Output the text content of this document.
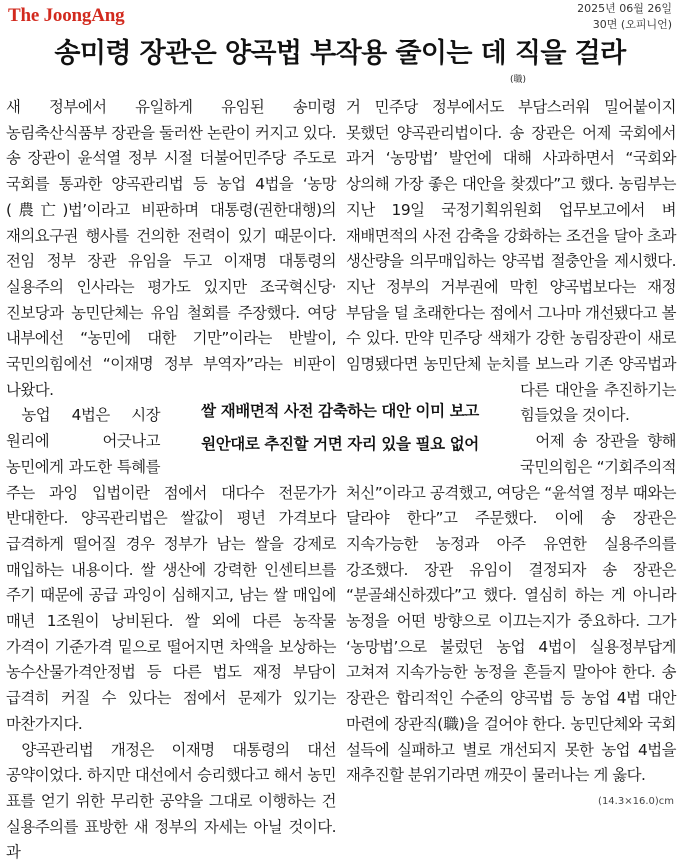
The JoongAng	2025년 06월 26일
30면 (오피니언)
송미령 장관은 양곡법 부작용 줄이는 데 직을 걸라
(職)

새 정부에서 유일하게 유임된 송미령 농림축산식품부 장관을 둘러싼 논란이 커지고 있다. 송 장관이 윤석열 정부 시절 더불어민주당 주도로 국회를 통과한 양곡관리법 등 농업 4법을 ‘농망(農亡)법’이라고 비판하며 대통령(권한대행)의 재의요구권 행사를 건의한 전력이 있기 때문이다. 전임 정부 장관 유임을 두고 이재명 대통령의 실용주의 인사라는 평가도 있지만 조국혁신당·진보당과 농민단체는 유임 철회를 주장했다. 여당 내부에선 “농민에 대한 기만”이라는 반발이, 국민의힘에선 “이재명 정부 부역자”라는 비판이 나왔다.

농업 4법은 시장 원리에 어긋나고 농민에게 과도한 특혜를 주는 과잉 입법이란 점에서 대다수 전문가가 반대한다. 양곡관리법은 쌀값이 평년 가격보다 급격하게 떨어질 경우 정부가 남는 쌀을 강제로 매입하는 내용이다. 쌀 생산에 강력한 인센티브를 주기 때문에 공급 과잉이 심해지고, 남는 쌀 매입에 매년 1조원이 낭비된다. 쌀 외에 다른 농작물 가격이 기준가격 밑으로 떨어지면 차액을 보상하는 농수산물가격안정법 등 다른 법도 재정 부담이 급격히 커질 수 있다는 점에서 문제가 있기는 마찬가지다.

양곡관리법 개정은 이재명 대통령의 대선 공약이었다. 하지만 대선에서 승리했다고 해서 농민 표를 얻기 위한 무리한 공약을 그대로 이행하는 건 실용주의를 표방한 새 정부의 자세는 아닐 것이다. 과

거 민주당 정부에서도 부담스러워 밀어붙이지 못했던 양곡관리법이다. 송 장관은 어제 국회에서 과거 ‘농망법’ 발언에 대해 사과하면서 “국회와 상의해 가장 좋은 대안을 찾겠다”고 했다. 농림부는 지난 19일 국정기획위원회 업무보고에서 벼 재배면적의 사전 감축을 강화하는 조건을 달아 초과 생산량을 의무매입하는 양곡법 절충안을 제시했다. 지난 정부의 거부권에 막힌 양곡법보다는 재정 부담을 덜 초래한다는 점에서 그나마 개선됐다고 볼 수 있다. 만약 민주당 색채가 강한 농림장관이 새로 임명됐다면 농민단체 눈치를 보느라 기존 양곡법과 다른 대안을 추진하기는 힘들었을 것이다.

어제 송 장관을 향해 국민의힘은 “기회주의적 처신”이라고 공격했고, 여당은 “윤석열 정부 때와는 달라야 한다”고 주문했다. 이에 송 장관은 지속가능한 농정과 아주 유연한 실용주의를 강조했다. 장관 유임이 결정되자 송 장관은 “분골쇄신하겠다”고 했다. 열심히 하는 게 아니라 농정을 어떤 방향으로 이끄는지가 중요하다. 그가 ‘농망법’으로 불렀던 농업 4법이 실용정부답게 고쳐져 지속가능한 농정을 흔들지 말아야 한다. 송 장관은 합리적인 수준의 양곡법 등 농업 4법 대안 마련에 장관직(職)을 걸어야 한다. 농민단체와 국회 설득에 실패하고 별로 개선되지 못한 농업 4법을 재추진할 분위기라면 깨끗이 물러나는 게 옳다.

쌀 재배면적 사전 감축하는 대안 이미 보고
원안대로 추진할 거면 자리 있을 필요 없어
(14.3×16.0)cm
